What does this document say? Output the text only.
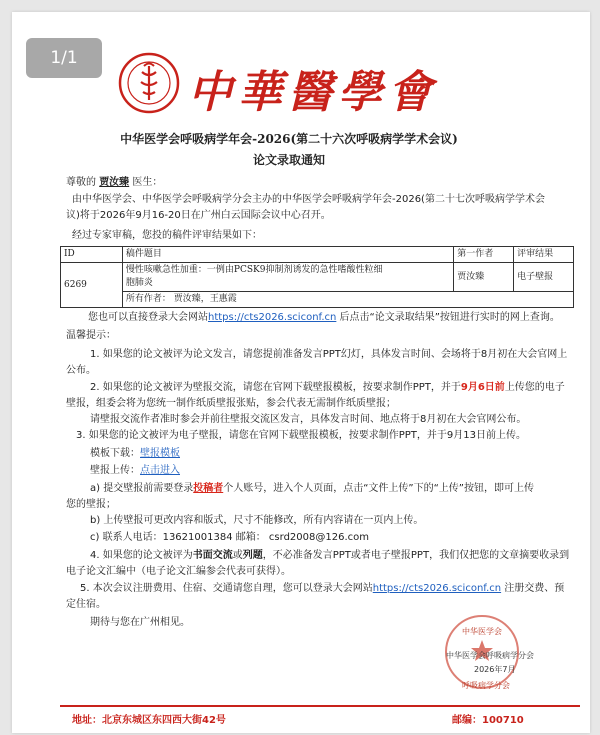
1/1
中華醫學會
中华医学会呼吸病学年会-2026(第二十六次呼吸病学学术会议)
论文录取通知
尊敬的 贾汝臻 医生：
由中华医学会、中华医学会呼吸病学分会主办的中华医学会呼吸病学年会-2026(第二十七次呼吸病学学术会
议)将于2026年9月16-20日在广州白云国际会议中心召开。
经过专家审稿，您投的稿件评审结果如下：
ID	稿件题目	第一作者	评审结果
6269	慢性咳嗽急性加重：一例由PCSK9抑制剂诱发的急性嗜酸性粒细
胞肺炎	贾汝臻	电子壁报
	所有作者： 贾汝臻，王惠霞		
您也可以直接登录大会网站https://cts2026.sciconf.cn 后点击“论文录取结果”按钮进行实时的网上查询。
温馨提示：
1. 如果您的论文被评为论文发言，请您提前准备发言PPT幻灯，具体发言时间、会场将于8月初在大会官网上
公布。
2. 如果您的论文被评为壁报交流，请您在官网下载壁报模板，按要求制作PPT，并于9月6日前上传您的电子
壁报，组委会将为您统一制作纸质壁报张贴，参会代表无需制作纸质壁报；
请壁报交流作者准时参会并前往壁报交流区发言，具体发言时间、地点将于8月初在大会官网公布。
3. 如果您的论文被评为电子壁报，请您在官网下载壁报模板，按要求制作PPT，并于9月13日前上传。
模板下载：壁报模板
壁报上传：点击进入
a) 提交壁报前需要登录投稿者个人账号，进入个人页面，点击“文件上传”下的“上传”按钮，即可上传
您的壁报；
b) 上传壁报可更改内容和版式，尺寸不能修改，所有内容请在一页内上传。
c) 联系人电话：13621001384 邮箱： csrd2008@126.com
4. 如果您的论文被评为书面交流或列题，不必准备发言PPT或者电子壁报PPT，我们仅把您的文章摘要收录到
电子论文汇编中（电子论文汇编参会代表可获得）。
5. 本次会议注册费用、住宿、交通请您自理，您可以登录大会网站https://cts2026.sciconf.cn 注册交费、预
定住宿。
期待与您在广州相见。
中华医学会
中华医学会呼吸病学分会
2026年7月
呼吸病学分会
地址：北京东城区东四西大街42号	邮编：100710
